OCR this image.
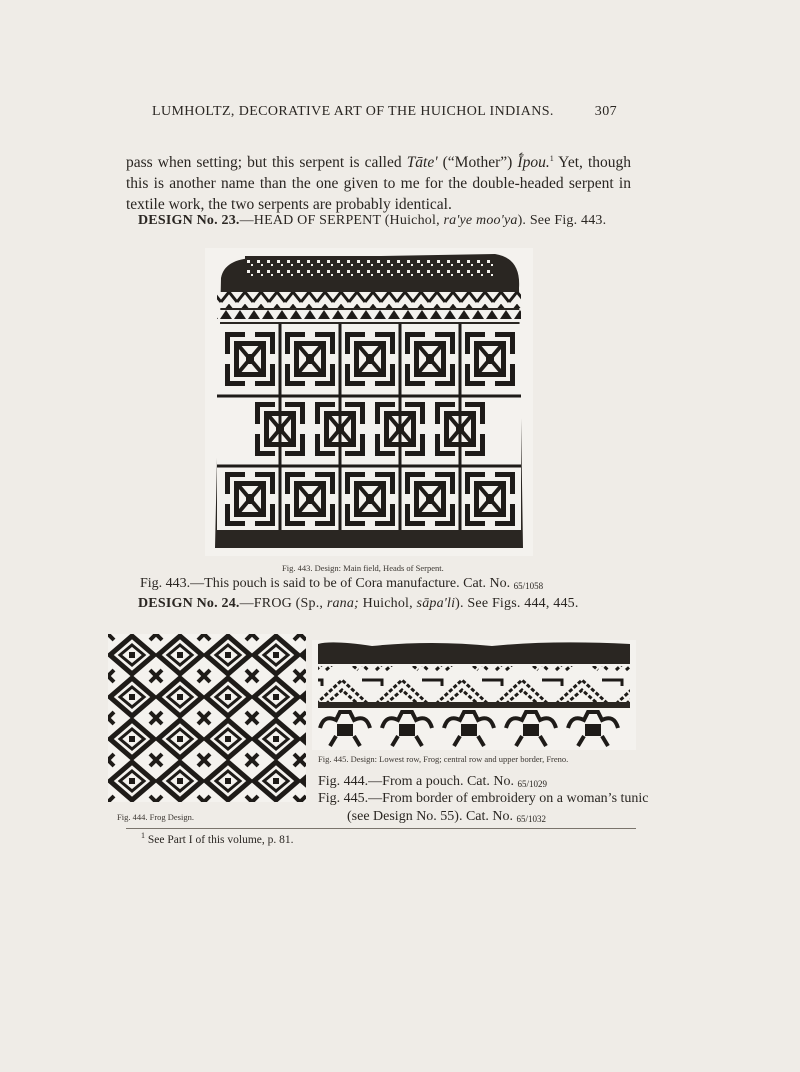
LUMHOLTZ, DECORATIVE ART OF THE HUICHOL INDIANS.	307
pass when setting; but this serpent is called Tāte' (“Mother”) Ī́pou.$^1$ Yet, though this is another name than the one given to me for the double-headed serpent in textile work, the two serpents are probably identical.
DESIGN No. 23.—HEAD OF SERPENT (Huichol, ra'ye moo'ya). See Fig. 443.
Fig. 443. Design: Main field, Heads of Serpent.
Fig. 443.—This pouch is said to be of Cora manufacture. Cat. No. 65/1058
DESIGN No. 24.—FROG (Sp., rana; Huichol, sāpa'li). See Figs. 444, 445.
Fig. 444. Frog Design.
Fig. 445. Design: Lowest row, Frog; central row and upper border, Freno.
Fig. 444.—From a pouch. Cat. No. 65/1029
Fig. 445.—From border of embroidery on a woman’s tunic
(see Design No. 55). Cat. No. 65/1032
$^1$ See Part I of this volume, p. 81.
